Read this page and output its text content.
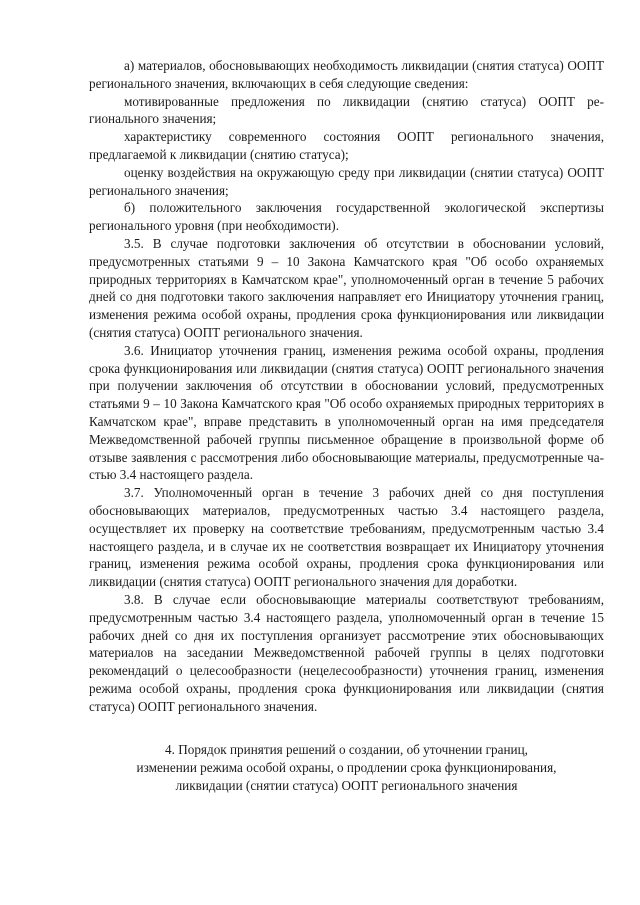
а) материалов, обосновывающих необходимость ликвидации (снятия статуса) ООПТ регионального значения, включающих в себя следующие сведения:

мотивированные предложения по ликвидации (снятию статуса) ООПТ регионального значения;

характеристику современного состояния ООПТ регионального значения, предлагаемой к ликвидации (снятию статуса);

оценку воздействия на окружающую среду при ликвидации (снятии статуса) ООПТ регионального значения;

б) положительного заключения государственной экологической экспертизы регионального уровня (при необходимости).

3.5. В случае подготовки заключения об отсутствии в обосновании условий, предусмотренных статьями 9 – 10 Закона Камчатского края "Об особо охраняемых природных территориях в Камчатском крае", уполномоченный орган в течение 5 рабочих дней со дня подготовки такого заключения направляет его Инициатору уточнения границ, изменения режима особой охраны, продления срока функционирования или ликвидации (снятия статуса) ООПТ регионального значения.

3.6. Инициатор уточнения границ, изменения режима особой охраны, продления срока функционирования или ликвидации (снятия статуса) ООПТ регионального значения при получении заключения об отсутствии в обосновании условий, предусмотренных статьями 9 – 10 Закона Камчатского края "Об особо охраняемых природных территориях в Камчатском крае", вправе представить в уполномоченный орган на имя председателя Межведомственной рабочей группы письменное обращение в произвольной форме об отзыве заявления с рассмотрения либо обосновывающие материалы, предусмотренные частью 3.4 настоящего раздела.

3.7. Уполномоченный орган в течение 3 рабочих дней со дня поступления обосновывающих материалов, предусмотренных частью 3.4 настоящего раздела, осуществляет их проверку на соответствие требованиям, предусмотренным частью 3.4 настоящего раздела, и в случае их не соответствия возвращает их Инициатору уточнения границ, изменения режима особой охраны, продления срока функционирования или ликвидации (снятия статуса) ООПТ регионального значения для доработки.

3.8. В случае если обосновывающие материалы соответствуют требованиям, предусмотренным частью 3.4 настоящего раздела, уполномоченный орган в течение 15 рабочих дней со дня их поступления организует рассмотрение этих обосновывающих материалов на заседании Межведомственной рабочей группы в целях подготовки рекомендаций о целесообразности (нецелесообразности) уточнения границ, изменения режима особой охраны, продления срока функционирования или ликвидации (снятия статуса) ООПТ регионального значения.

4. Порядок принятия решений о создании, об уточнении границ,
изменении режима особой охраны, о продлении срока функционирования,
ликвидации (снятии статуса) ООПТ регионального значения
